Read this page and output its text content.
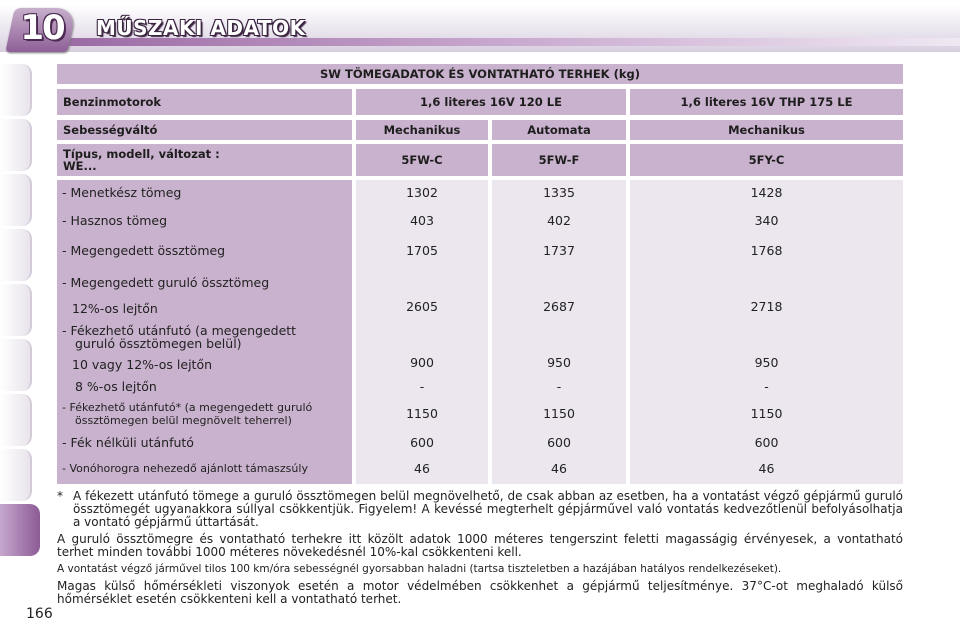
10	MŰSZAKI ADATOK
166
SW TÖMEGADATOK ÉS VONTATHATÓ TERHEK (kg)
Benzinmotorok	1,6 literes 16V 120 LE	1,6 literes 16V THP 175 LE
Sebességváltó	Mechanikus	Automata	Mechanikus
Típus, modell, változat :
WE...	5FW-C	5FW-F	5FY-C
- Menetkész tömeg	1302	1335	1428
- Hasznos tömeg	403	402	340
- Megengedett össztömeg	1705	1737	1768
- Megengedett guruló össztömeg
12%-os lejtőn	2605	2687	2718
- Fékezhető utánfutó (a megengedett
guruló össztömegen belül)
10 vagy 12%-os lejtőn	900	950	950
8 %-os lejtőn	-	-	-
- Fékezhető utánfutó* (a megengedett guruló
össztömegen belül megnövelt teherrel)	1150	1150	1150
- Fék nélküli utánfutó	600	600	600
- Vonóhorogra nehezedő ajánlott támaszsúly	46	46	46
* A fékezett utánfutó tömege a guruló össztömegen belül megnövelhető, de csak abban az esetben, ha a vontatást végző gépjármű guruló össztömegét ugyanakkora súllyal csökkentjük. Figyelem! A kevéssé megterhelt gépjárművel való vontatás kedvezőtlenül befolyásolhatja a vontató gépjármű úttartását.

A guruló össztömegre és vontatható terhekre itt közölt adatok 1000 méteres tengerszint feletti magasságig érvényesek, a vontatható terhet minden további 1000 méteres növekedésnél 10%-kal csökkenteni kell.

A vontatást végző járművel tilos 100 km/óra sebességnél gyorsabban haladni (tartsa tiszteletben a hazájában hatályos rendelkezéseket).

Magas külső hőmérsékleti viszonyok esetén a motor védelmében csökkenhet a gépjármű teljesítménye. 37°C-ot meghaladó külső hőmérséklet esetén csökkenteni kell a vontatható terhet.
